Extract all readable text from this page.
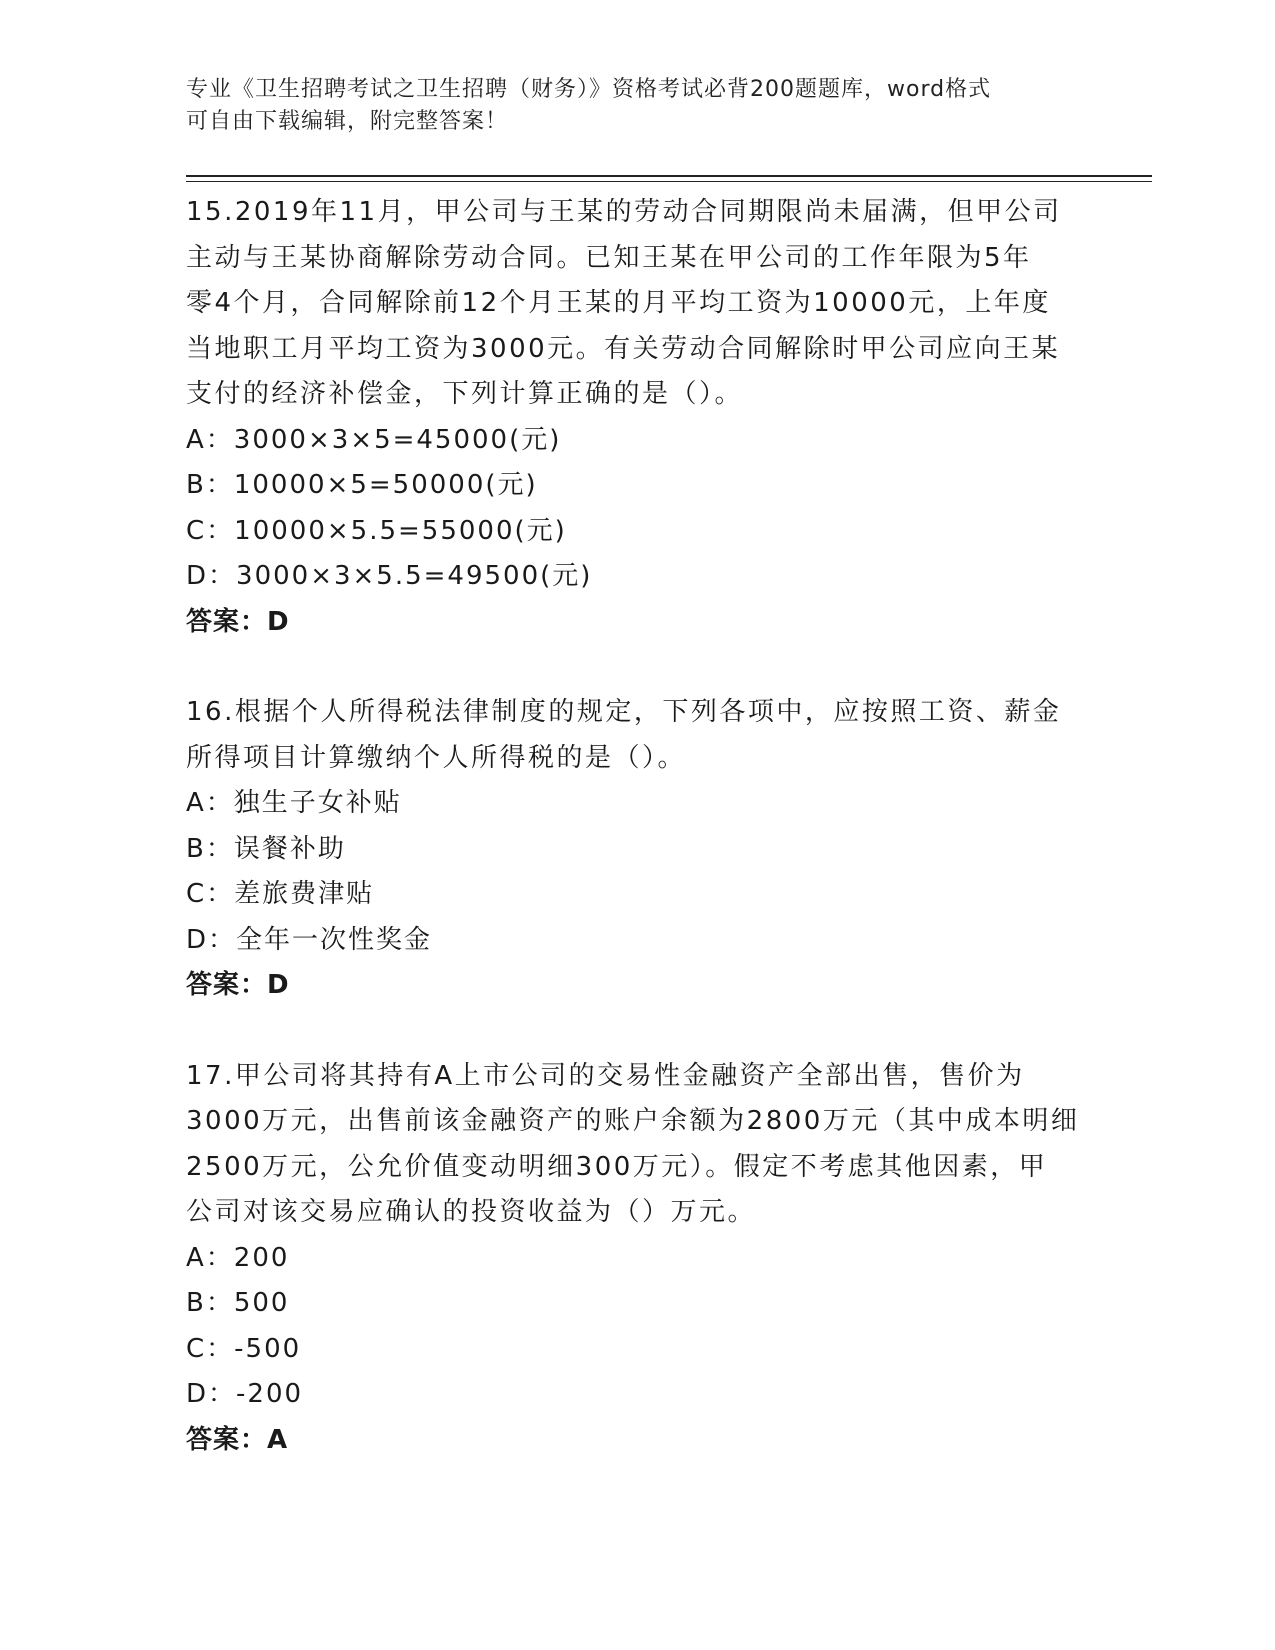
专业《卫生招聘考试之卫生招聘（财务）》资格考试必背200题题库，word格式
可自由下载编辑，附完整答案！
15.2019年11月，甲公司与王某的劳动合同期限尚未届满，但甲公司
主动与王某协商解除劳动合同。已知王某在甲公司的工作年限为5年
零4个月，合同解除前12个月王某的月平均工资为10000元，上年度
当地职工月平均工资为3000元。有关劳动合同解除时甲公司应向王某
支付的经济补偿金，下列计算正确的是（）。
A：3000×3×5=45000(元)
B：10000×5=50000(元)
C：10000×5.5=55000(元)
D：3000×3×5.5=49500(元)
答案：D
16.根据个人所得税法律制度的规定，下列各项中，应按照工资、薪金
所得项目计算缴纳个人所得税的是（）。
A：独生子女补贴
B：误餐补助
C：差旅费津贴
D：全年一次性奖金
答案：D
17.甲公司将其持有A上市公司的交易性金融资产全部出售，售价为
3000万元，出售前该金融资产的账户余额为2800万元（其中成本明细
2500万元，公允价值变动明细300万元）。假定不考虑其他因素，甲
公司对该交易应确认的投资收益为（）万元。
A：200
B：500
C：-500
D：-200
答案：A
